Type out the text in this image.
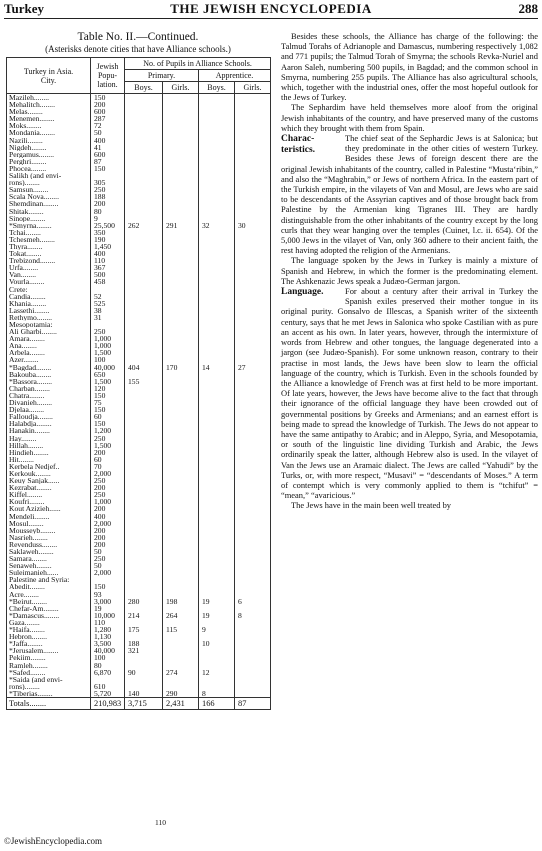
Turkey	THE JEWISH ENCYCLOPEDIA	288
Table No. II.—Continued.
(Asterisks denote cities that have Alliance schools.)
Turkey in Asia.
City.	Jewish Popu-lation.	No. of Pupils in Alliance Schools.			
		Primary.		Apprentice.	
		Boys.	Girls.	Boys.	Girls.
Mazileh........	150				
Mehalitch........	200				
Melas........	600				
Menemen........	287				
Moks........	72				
Mondania........	50				
Nazili........	400				
Nigdeh........	41				
Pergamus........	600				
Perghri........	87				
Phocea........	150				
Salikh (and envi-					
rons)........	305				
Samsun........	250				
Scala Nova........	188				
Shemdinan........	200				
Shitak........	80				
Sinope........	9				
*Smyrna........	25,500	262	291	32	30
Tchai........	350				
Tchesmeh........	190				
Thyra........	1,450				
Tokat........	400				
Trebizond........	110				
Urfa........	367				
Van........	500				
Vourla........	458				
Crete:					
Candia........	52				
Khania........	525				
Lassethi........	38				
Rethymo........	31				
Mesopotamia:					
Ali Gharbi........	250				
Amara........	1,000				
Ana........	1,000				
Arbela........	1,500				
Azer........	100				
*Bagdad........	40,000	404	170	14	27
Bakouba........	650				
*Bassora........	1,500	155			
Charban........	120				
Chatra........	150				
Divanieh........	75				
Djelaa........	150				
Falloudja........	60				
Halabdja........	150				
Hanakin........	1,200				
Hay........	250				
Hillah........	1,500				
Hindieh........	200				
Hit........	60				
Kerbela Nedjef..	70				
Kerkouk........	2,000				
Keuy Sanjak......	250				
Kezrabat........	200				
Kiffel........	250				
Koufri........	1,000				
Kout Azizieh......	200				
Mendeli........	400				
Mosul........	2,000				
Mousseyb........	200				
Nasrieh........	200				
Revenduss........	200				
Saklaweh........	50				
Samara........	250				
Senaweh........	50				
Suleimanieh......	2,000				
Palestine and Syria:					
Abedit........	150				
Acre........	93				
*Beirut........	3,000	280	198	19	6
Chefar-Am........	19				
*Damascus........	10,000	214	264	19	8
Gaza........	110				
*Haifa........	1,280	175	115	9	
Hebron........	1,130				
*Jaffa........	3,500	188		10	
*Jerusalem........	40,000	321			
Pekiim........	100				
Ramleh........	80				
*Safed........	6,870	90	274	12	
*Saida (and envi-					
rons)........	610				
*Tiberias........	5,720	140	290	8	
Totals........	210,983	3,715	2,431	166	87
110

Besides these schools, the Alliance has charge of the following: the Talmud Torahs of Adrianople and Damascus, numbering respectively 1,082 and 771 pupils; the Talmud Torah of Smyrna; the schools Revka-Nuriel and Aaron Saleh, numbering 500 pupils, in Bagdad; and the common school in Smyrna, numbering 255 pupils. The Alliance has also agricultural schools, which, together with the industrial ones, offer the most hopeful outlook for the Jews of Turkey.

The Sephardim have held themselves more aloof from the original Jewish inhabitants of the country, and have preserved many of the customs which they brought with them from Spain.

Charac-teristics.
The chief seat of the Sephardic Jews is at Salonica; but they predominate in the other cities of western Turkey. Besides these Jews of foreign descent there are the original Jewish inhabitants of the country, called in Palestine “Musta‘ribin,” and also the “Maghrabin,” or Jews of northern Africa. In the eastern part of the Turkish empire, in the vilayets of Van and Mosul, are Jews who are said to be descendants of the Assyrian captives and of those brought back from Palestine by the Armenian king Tigranes III. They are hardly distinguishable from the other inhabitants of the country except by the long curls that they wear hanging over the temples (Cuinet, l.c. ii. 654). Of the 5,000 Jews in the vilayet of Van, only 360 adhere to their ancient faith, the rest having adopted the religion of the Armenians.

The language spoken by the Jews in Turkey is mainly a mixture of Spanish and Hebrew, in which the former is the predominating element. The Ashkenazic Jews speak a Judæo-German jargon.

Language.	For about a century after their arrival in Turkey the Spanish exiles preserved their mother tongue in its original purity. Gonsalvo de Illescas, a Spanish writer of the sixteenth century, says that he met Jews in Salonica who spoke Castilian with as pure an accent as his own. In later years, however, through the intermixture of words from Hebrew and other tongues, the language degenerated into a jargon (see Judæo-Spanish). For some unknown reason, contrary to their practise in most lands, the Jews have been slow to learn the official language of the country, which is Turkish. Even in the schools founded by the Alliance a knowledge of French was at first held to be more important. Of late years, however, the Jews have become alive to the fact that through their ignorance of the official language they have been crowded out of governmental positions by Greeks and Armenians; and an earnest effort is being made to spread the knowledge of Turkish. The Jews do not appear to have the same antipathy to Arabic; and in Aleppo, Syria, and Mesopotamia, or south of the linguistic line dividing Turkish and Arabic, the Jews ordinarily speak the latter, although Hebrew also is used. In the vilayet of Van the Jews use an Aramaic dialect. The Jews are called “Yahudi” by the Turks, or, with more respect, “Musavi” = “descendants of Moses.” A term of contempt which is very commonly applied to them is “tchifut” = “mean,” “avaricious.”

The Jews have in the main been well treated by

©JewishEncyclopedia.com
